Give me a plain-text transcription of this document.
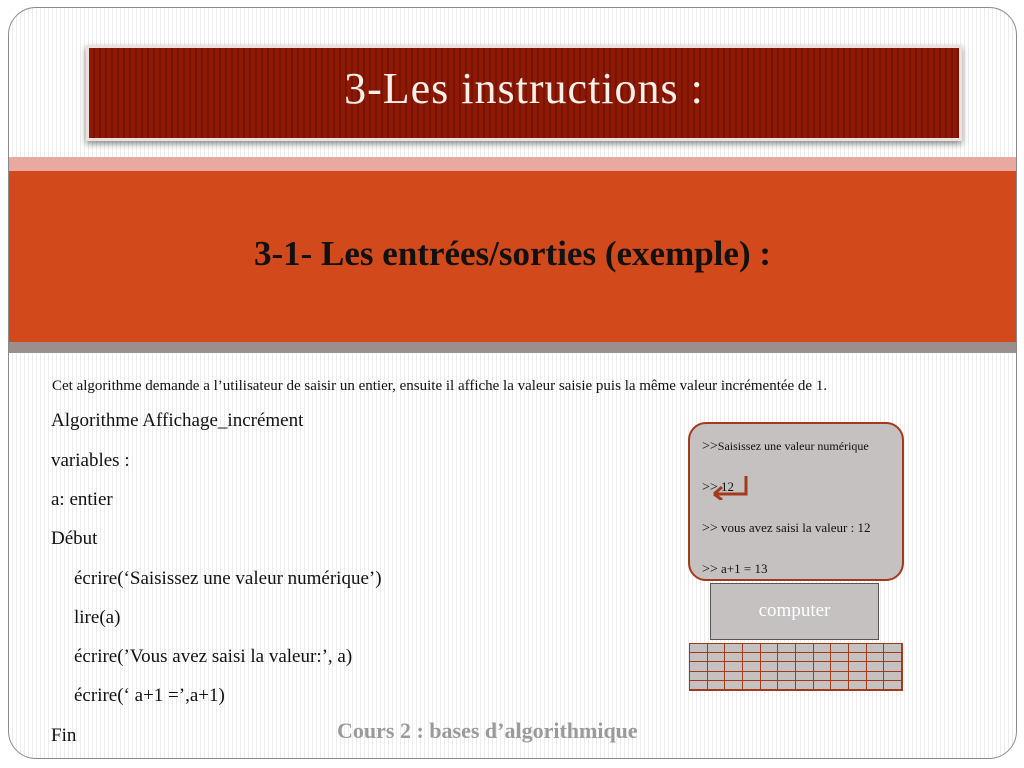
3-Les instructions :
3-1- Les entrées/sorties (exemple) :
Cet algorithme demande a l’utilisateur de saisir un entier, ensuite il affiche la valeur saisie puis la même valeur incrémentée de 1.
Algorithme Affichage_incrément
variables :
a: entier
Début
écrire(‘Saisissez une valeur numérique’)
lire(a)
écrire(’Vous avez saisi la valeur:’, a)
écrire(‘ a+1 =’,a+1)
Fin
>>Saisissez une valeur numérique
>> 12
>> vous avez saisi la valeur : 12
>> a+1 = 13
computer
Cours 2 : bases d’algorithmique
